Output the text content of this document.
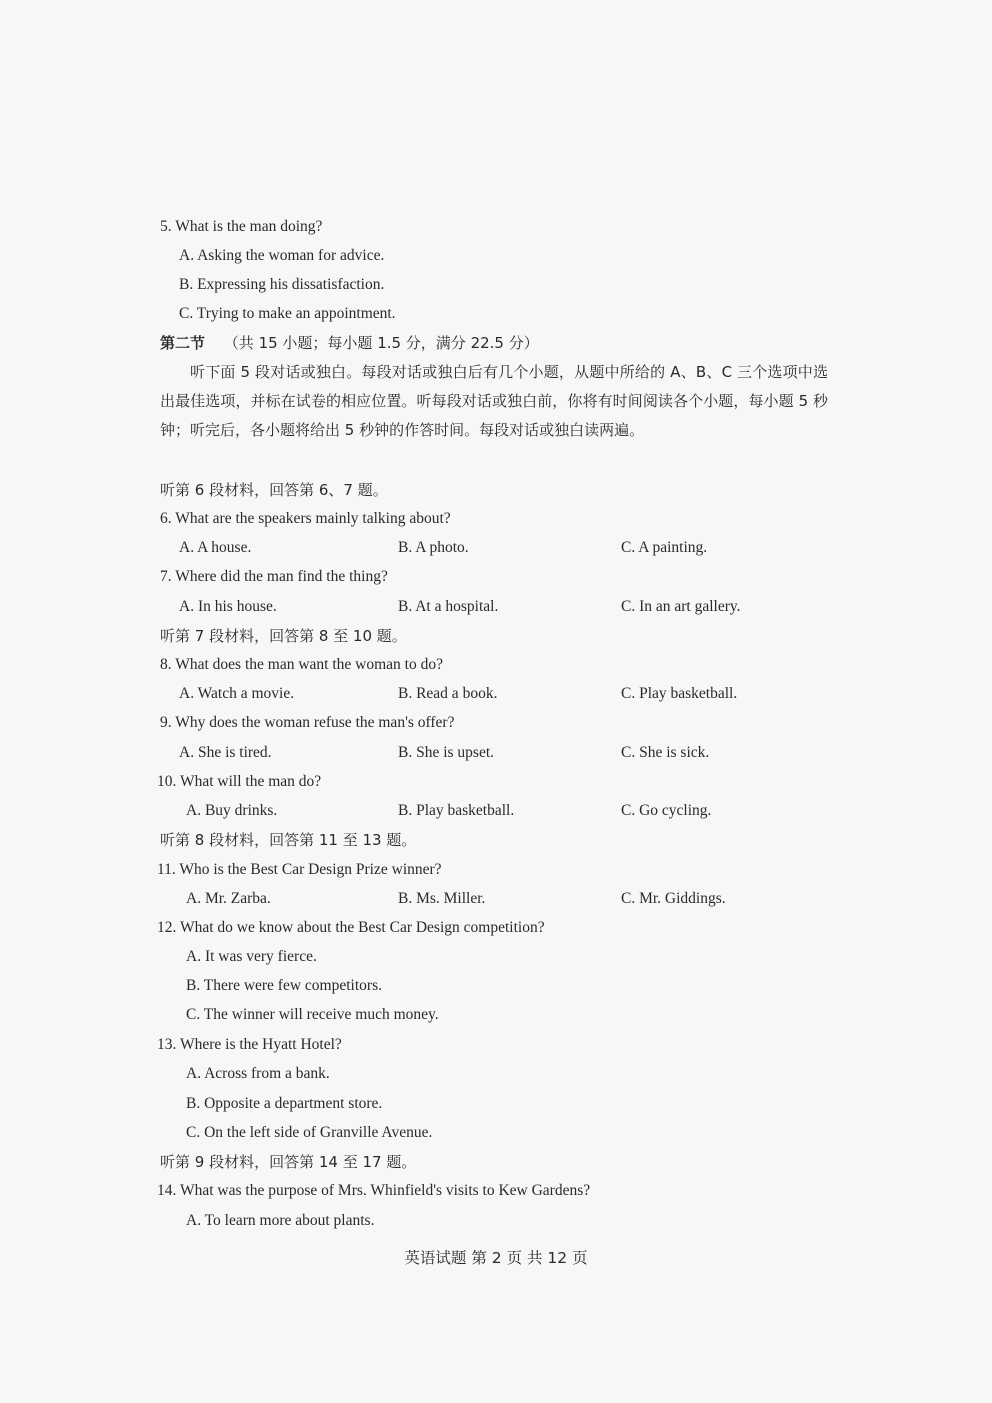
5. What is the man doing?
A. Asking the woman for advice.
B. Expressing his dissatisfaction.
C. Trying to make an appointment.
第二节 （共 15 小题；每小题 1.5 分，满分 22.5 分）
听下面 5 段对话或独白。每段对话或独白后有几个小题，从题中所给的 A、B、C 三个选项中选出最佳选项，并标在试卷的相应位置。听每段对话或独白前，你将有时间阅读各个小题，每小题 5 秒钟；听完后，各小题将给出 5 秒钟的作答时间。每段对话或独白读两遍。
听第 6 段材料，回答第 6、7 题。
6. What are the speakers mainly talking about?
A. A house.	B. A photo.	C. A painting.
7. Where did the man find the thing?
A. In his house.	B. At a hospital.	C. In an art gallery.
听第 7 段材料，回答第 8 至 10 题。
8. What does the man want the woman to do?
A. Watch a movie.	B. Read a book.	C. Play basketball.
9. Why does the woman refuse the man's offer?
A. She is tired.	B. She is upset.	C. She is sick.
10. What will the man do?
A. Buy drinks.	B. Play basketball.	C. Go cycling.
听第 8 段材料，回答第 11 至 13 题。
11. Who is the Best Car Design Prize winner?
A. Mr. Zarba.	B. Ms. Miller.	C. Mr. Giddings.
12. What do we know about the Best Car Design competition?
A. It was very fierce.
B. There were few competitors.
C. The winner will receive much money.
13. Where is the Hyatt Hotel?
A. Across from a bank.
B. Opposite a department store.
C. On the left side of Granville Avenue.
听第 9 段材料，回答第 14 至 17 题。
14. What was the purpose of Mrs. Whinfield's visits to Kew Gardens?
A. To learn more about plants.
英语试题 第 2 页 共 12 页
